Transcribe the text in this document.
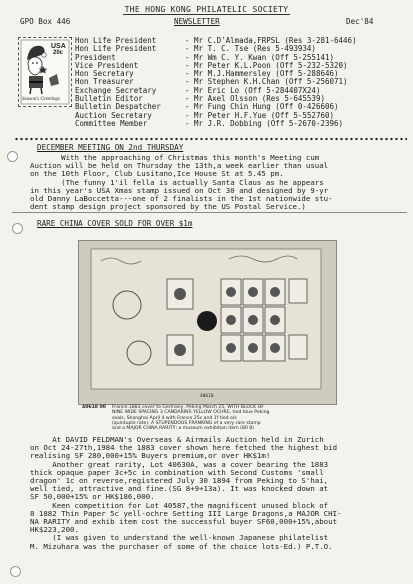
THE HONG KONG PHILATELIC SOCIETY
GPO Box 446	NEWSLETTER	Dec'84
USA
20c
Season's Greetings
Hon Life President	- Mr C.D'Almada,FRPSL (Res 3-281-6446)
Hon Life President	- Mr T. C. Tse (Res 5-493934)
President	- Mr Wm C. Y. Kwan (Off 5-255141)
Vice President	- Mr Peter K.L.Poon (Off 5-232-5320)
Hon Secretary	- Mr M.J.Hammersley (Off 5-288646)
Hon Treasurer	- Mr Stephen K.H.Chan (Off 5-256071)
Exchange Secretary	- Mr Eric Lo (Off 5-284407X24)
Bulletin Editor	- Mr Axel Olsson (Res 5-645539)
Bulletin Despatcher	- Mr Fung Chin Hung (Off 0-426606)
Auction Secretary	- Mr Peter H.F.Yue (Off 5-552760)
Committee Member	- Mr J.R. Dobbing (Off 5-2670-2396)
DECEMBER MEETING ON 2nd THURSDAY
With the approaching of Christmas this month's Meeting cum
Auction will be held on Thursday the 13th,a week earlier than usual
on the 10th Floor, Club Lusitano,Ice House St at 5.45 pm.
(The funny 1'il fella is actually Santa Claus as he appears
in this year's USA Xmas stamp issued on Oct 30 and designed by 9-yr
old Danny LaBoccetta---one of 2 finalists in the 1st nationwide stu-
dent stamp design project sponsored by the US Postal Service.)
RARE CHINA COVER SOLD FOR OVER $1m
40618
40618 00 France:1883 cover to Germany, Peking March 25, WITH BLOCK OF
NINE WIDE SPACING 3 CANDARINS YELLOW OCHRE, tied blue Peking
seals, Shanghai April 4 with France 25c and 1f tied o/s
(quintuple rate). A STUPENDOUS FRANKING of a very rare stamp
and a MAJOR CHINA RARITY; a museum exhibition item (80 8)
At DAVID FELDMAN's Overseas & Airmails Auction held in Zurich
on Oct 24-27th,1984 the 1883 cover shown here fetched the highest bid
realising SF 280,000+15% Buyers premium,or over HK$1m!
Another great rarity, Lot 40630A, was a cover bearing the 1883
thick opaque paper 3c+5c in combination with Second Customs 'small
dragon' 1c on reverse,registered July 30 1894 from Peking to S'hai,
well tied, attractive and fine.(SG 8+9+13a). It was knocked down at
SF 50,000+15% or HK$186,000.
Keen competition for Lot 40587,the magnificent unused block of
8 1882 Thin Paper 5c yell-ochre Setting III Large Dragons,a MAJOR CHI-
NA RARITY and exhib item cost the successful buyer SF60,000+15%,about
HK$223,200.
(I was given to understand the well-known Japanese philatelist
M. Mizuhara was the purchaser of some of the choice lots-Ed.) P.T.O.
